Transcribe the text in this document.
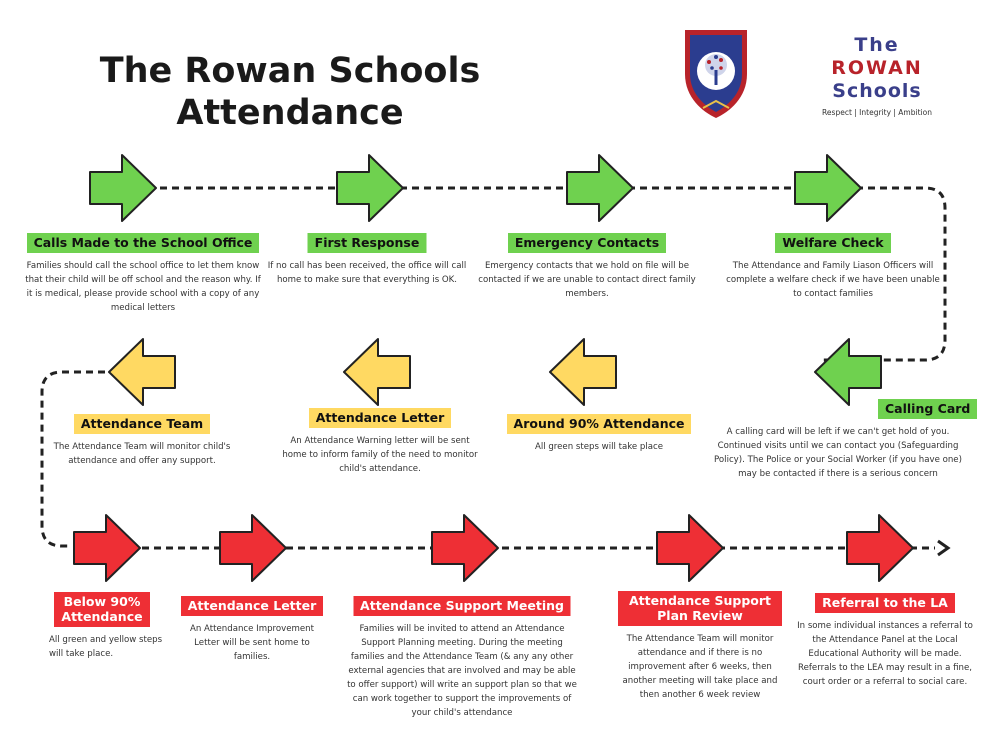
The Rowan Schools
Attendance
The
ROWAN
Schools
Respect | Integrity | Ambition
Calls Made to the School Office
Families should call the school office to let them know that their child will be off school and the reason why. If it is medical, please provide school with a copy of any medical letters
First Response
If no call has been received, the office will call home to make sure that everything is OK.
Emergency Contacts
Emergency contacts that we hold on file will be contacted if we are unable to contact direct family members.
Welfare Check
The Attendance and Family Liason Officers will complete a welfare check if we have been unable to contact families
Calling Card
A calling card will be left if we can't get hold of you. Continued visits until we can contact you (Safeguarding Policy). The Police or your Social Worker (if you have one) may be contacted if there is a serious concern
Around 90% Attendance
All green steps will take place
Attendance Letter
An Attendance Warning letter will be sent home to inform family of the need to monitor child's attendance.
Attendance Team
The Attendance Team will monitor child's attendance and offer any support.
Below 90% Attendance
All green and yellow steps will take place.
Attendance Letter
An Attendance Improvement Letter will be sent home to families.
Attendance Support Meeting
Families will be invited to attend an Attendance Support Planning meeting. During the meeting families and the Attendance Team (& any any other external agencies that are involved and may be able to offer support) will write an support plan so that we can work together to support the improvements of your child's attendance
Attendance Support Plan Review
The Attendance Team will monitor attendance and if there is no improvement after 6 weeks, then another meeting will take place and then another 6 week review
Referral to the LA
In some individual instances a referral to the Attendance Panel at the Local Educational Authority will be made. Referrals to the LEA may result in a fine, court order or a referral to social care.
